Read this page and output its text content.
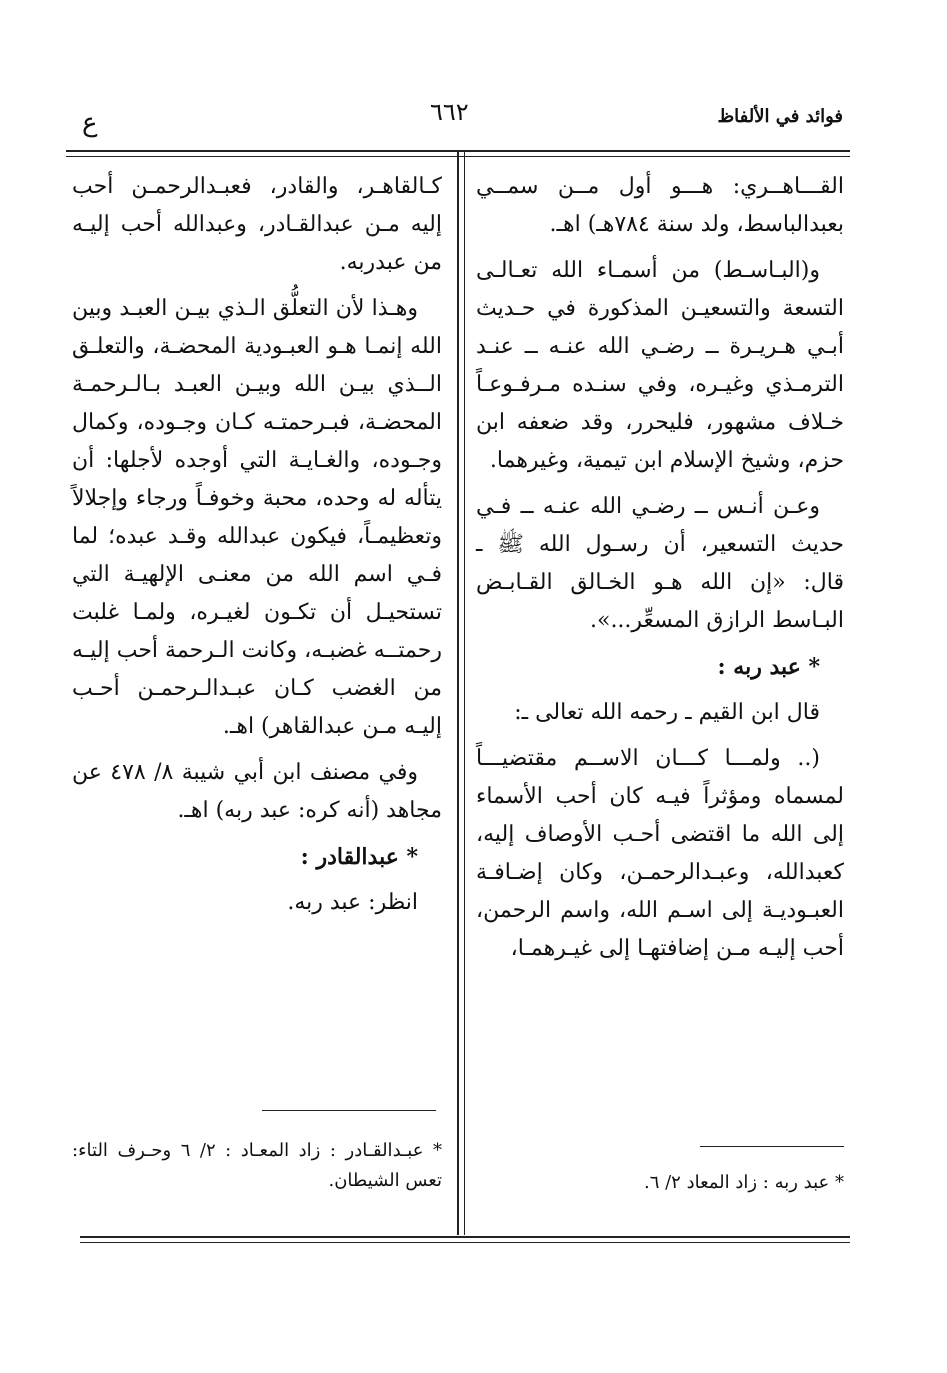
فوائد في الألفاظ
٦٦٢
ع

القـــاهــري: هـــو أول مــن سمــي بعبدالباسط، ولد سنة ٧٨٤هـ) اهـ.

و(البـاسـط) من أسمـاء الله تعـالـى التسعة والتسعيـن المذكورة في حـديث أبـي هـريـرة ــ رضـي الله عنـه ــ عنـد الترمـذي وغيـره، وفي سنـده مـرفـوعـاً خـلاف مشهور، فليحرر، وقد ضعفه ابن حزم، وشيخ الإسلام ابن تيمية، وغيرهما.

وعـن أنـس ــ رضـي الله عنـه ــ فـي حديث التسعير، أن رسـول الله ﷺ ـ قال: «إن الله هـو الخـالق القـابـض البـاسط الرازق المسعِّر...».

* عبد ربه :

قال ابن القيم ـ رحمه الله تعالى ـ:

(.. ولمـــا كـــان الاســم مقتضيـــاً لمسماه ومؤثراً فيـه كان أحب الأسماء إلى الله ما اقتضى أحـب الأوصاف إليه، كعبدالله، وعبـدالرحمـن، وكان إضـافـة العبـوديـة إلى اسـم الله، واسم الرحمن، أحب إليـه مـن إضافتهـا إلى غيـرهمـا،

* عبد ربه : زاد المعاد ٢/ ٦.

كـالقاهـر، والقادر، فعبـدالرحمـن أحب إليه مـن عبدالقـادر، وعبدالله أحب إليـه من عبدربه.

وهـذا لأن التعلُّق الـذي بيـن العبـد وبين الله إنمـا هـو العبـودية المحضـة، والتعلـق الــذي بيـن الله وبيـن العبـد بـالـرحمـة المحضـة، فبـرحمتـه كـان وجـوده، وكمال وجـوده، والغـايـة التي أوجده لأجلها: أن يتأله له وحده، محبة وخوفـاً ورجاء وإجلالاً وتعظيمـاً، فيكون عبدالله وقـد عبده؛ لما فـي اسم الله من معنـى الإلهيـة التي تستحيـل أن تكـون لغيـره، ولمـا غلبت رحمتــه غضبـه، وكانت الـرحمة أحب إليـه من الغضب كـان عبـدالـرحمـن أحـب إليـه مـن عبدالقاهر) اهـ.

وفي مصنف ابن أبي شيبة ٨/ ٤٧٨ عن مجاهد (أنه كره: عبد ربه) اهـ.

* عبدالقادر :

انظر: عبد ربه.

* عبـدالقـادر : زاد المعـاد : ٢/ ٦ وحـرف التاء: تعس الشيطان.
